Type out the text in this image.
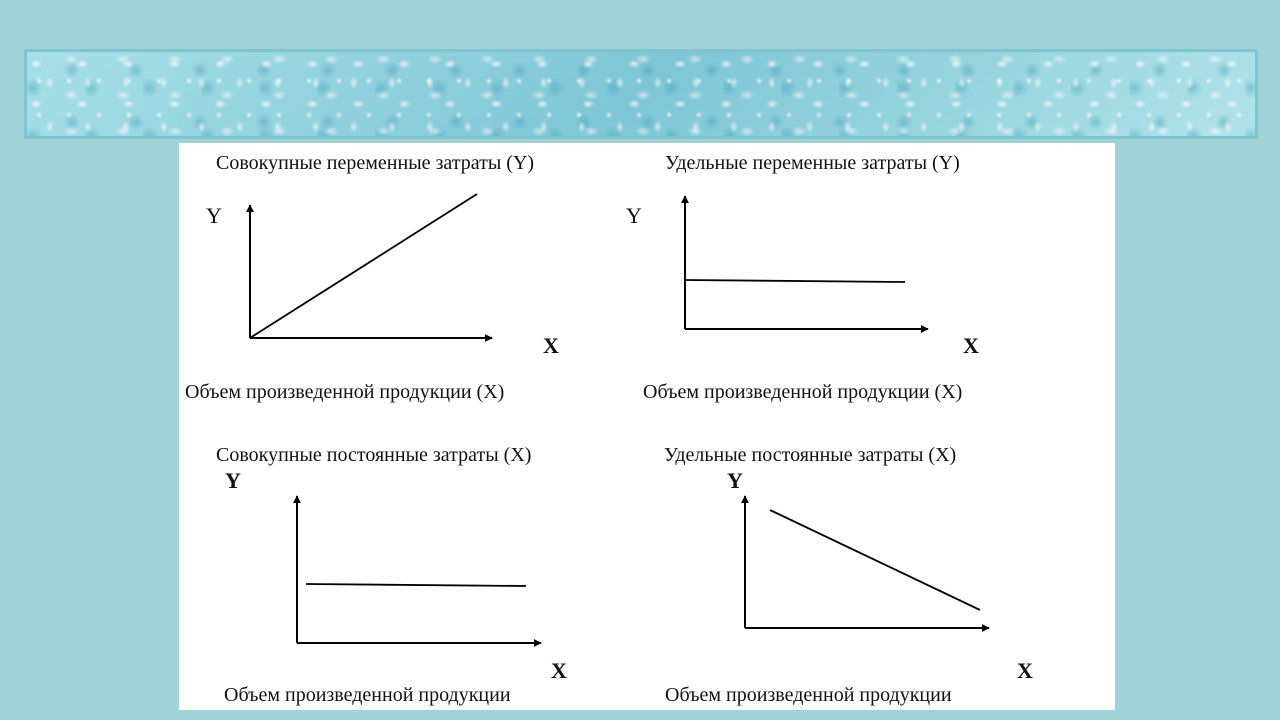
Совокупные переменные затраты (Y)
Y
X
Объем произведенной продукции (X)
Удельные переменные затраты (Y)
Y
X
Объем произведенной продукции (X)
Совокупные постоянные затраты (X)
Y
X
Объем произведенной продукции
Удельные постоянные затраты (X)
Y
X
Объем произведенной продукции
